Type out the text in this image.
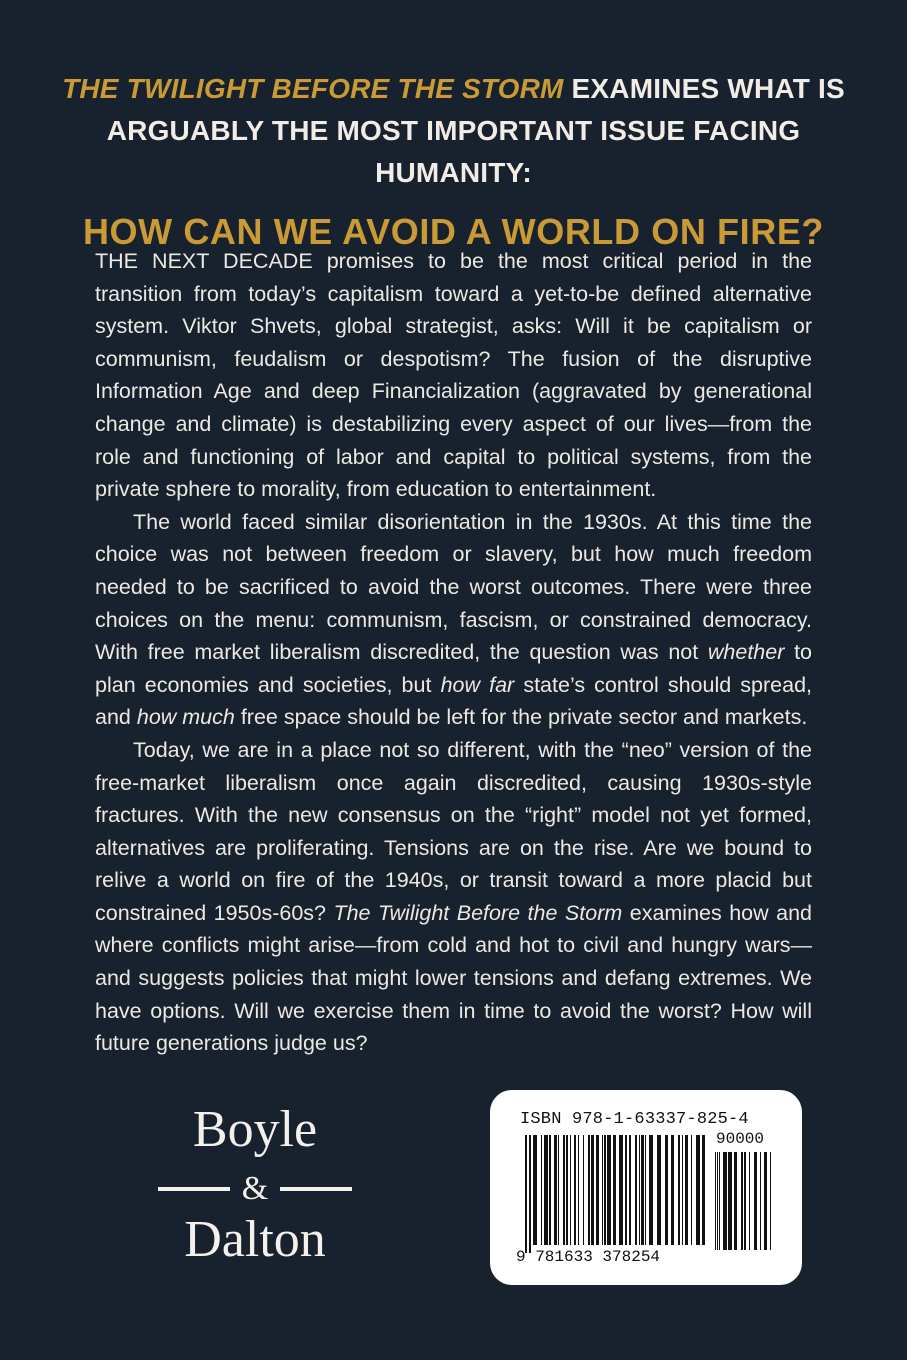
THE TWILIGHT BEFORE THE STORM EXAMINES WHAT IS
ARGUABLY THE MOST IMPORTANT ISSUE FACING HUMANITY:
HOW CAN WE AVOID A WORLD ON FIRE?

THE NEXT DECADE promises to be the most critical period in the transition from today’s capitalism toward a yet-to-be defined alternative system. Viktor Shvets, global strategist, asks: Will it be capitalism or communism, feudalism or despotism? The fusion of the disruptive Information Age and deep Financialization (aggravated by generational change and climate) is destabilizing every aspect of our lives—from the role and functioning of labor and capital to political systems, from the private sphere to morality, from education to entertainment.

The world faced similar disorientation in the 1930s. At this time the choice was not between freedom or slavery, but how much freedom needed to be sacrificed to avoid the worst outcomes. There were three choices on the menu: communism, fascism, or constrained democracy. With free market liberalism discredited, the question was not whether to plan economies and societies, but how far state’s control should spread, and how much free space should be left for the private sector and markets.

Today, we are in a place not so different, with the “neo” version of the free-market liberalism once again discredited, causing 1930s-style fractures. With the new consensus on the “right” model not yet formed, alternatives are proliferating. Tensions are on the rise. Are we bound to relive a world on fire of the 1940s, or transit toward a more placid but constrained 1950s-60s? The Twilight Before the Storm examines how and where conflicts might arise—from cold and hot to civil and hungry wars—and suggests policies that might lower tensions and defang extremes. We have options. Will we exercise them in time to avoid the worst? How will future generations judge us?

Boyle
&
Dalton
ISBN 978-1-63337-825-4
90000
9 781633 378254
